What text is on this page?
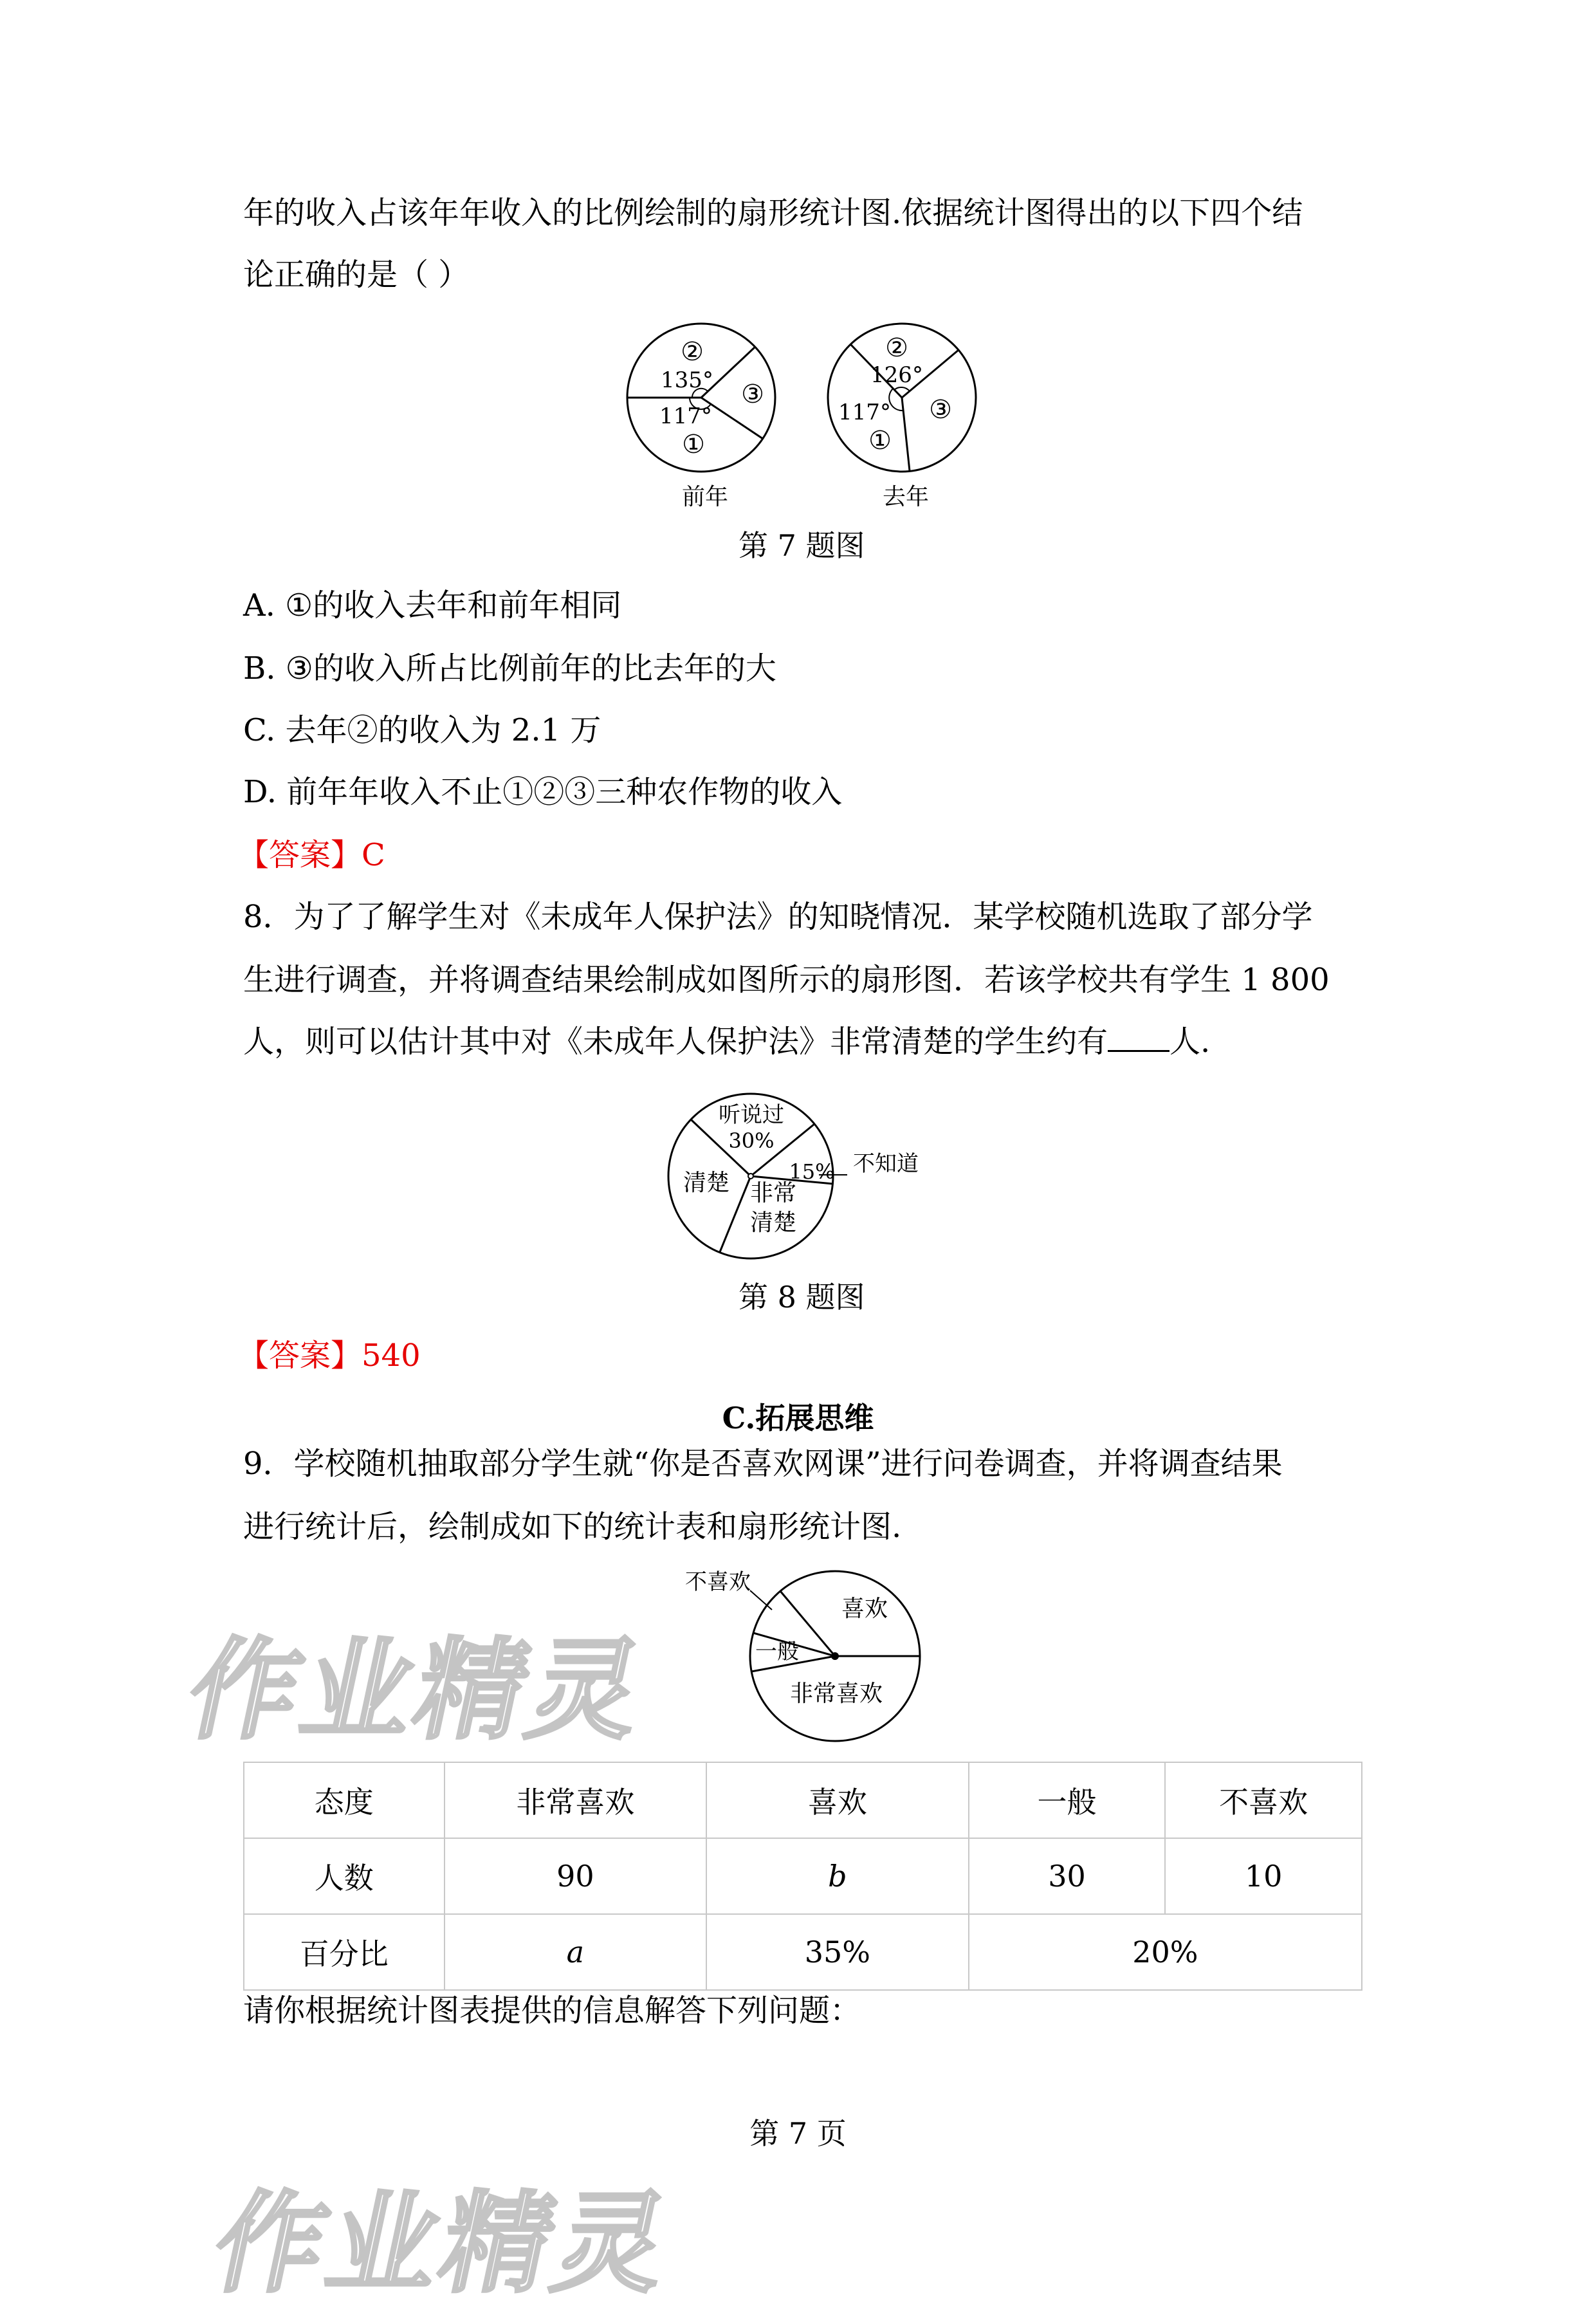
年的收入占该年年收入的比例绘制的扇形统计图.依据统计图得出的以下四个结
论正确的是（ ）
②
135°
117°
①
③
前年
②
126°
117°
①
③
去年
第 7 题图
A. ①的收入去年和前年相同
B. ③的收入所占比例前年的比去年的大
C. 去年②的收入为 2.1 万
D. 前年年收入不止①②③三种农作物的收入
【答案】C
8．为了了解学生对《未成年人保护法》的知晓情况．某学校随机选取了部分学
生进行调查，并将调查结果绘制成如图所示的扇形图．若该学校共有学生 1 800
人，则可以估计其中对《未成年人保护法》非常清楚的学生约有 人.
听说过
30%
15% 不知道
清楚 非常
清楚
第 8 题图
【答案】540
C.拓展思维
9．学校随机抽取部分学生就“你是否喜欢网课”进行问卷调查，并将调查结果
进行统计后，绘制成如下的统计表和扇形统计图.
不喜欢
喜欢
一般
非常喜欢
态度	非常喜欢	喜欢	一般	不喜欢
人数	90	b	30	10
百分比	a	35%	20%	
请你根据统计图表提供的信息解答下列问题：
作业精灵
作业精灵
第 7 页
